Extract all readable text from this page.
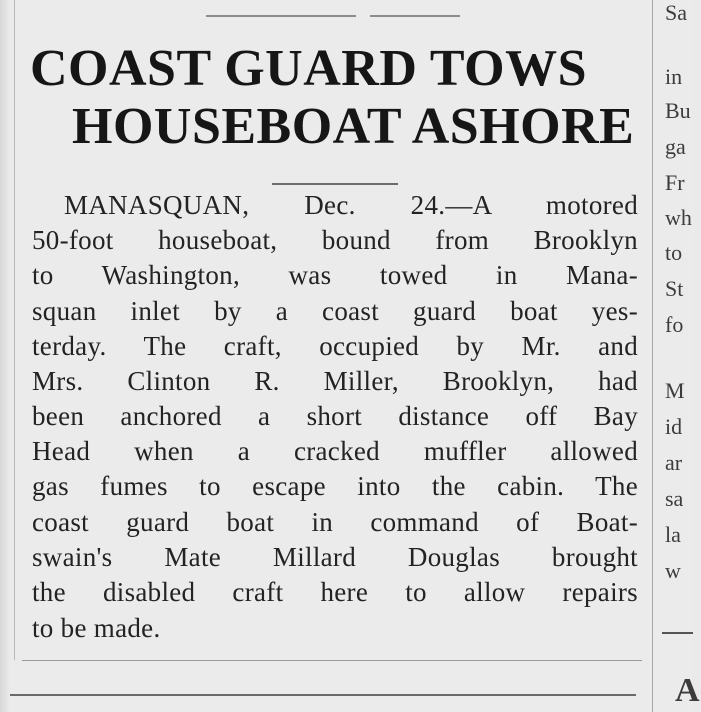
COAST GUARD TOWS
HOUSEBOAT ASHORE
MANASQUAN, Dec. 24.—A motored
50-foot houseboat, bound from Brooklyn
to Washington, was towed in Mana-
squan inlet by a coast guard boat yes-
terday. The craft, occupied by Mr. and
Mrs. Clinton R. Miller, Brooklyn, had
been anchored a short distance off Bay
Head when a cracked muffler allowed
gas fumes to escape into the cabin. The
coast guard boat in command of Boat-
swain's Mate Millard Douglas brought
the disabled craft here to allow repairs
to be made.
Sa
in
Bu
ga
Fr
wh
to
St
fo
M
id
ar
sa
la
w
A
